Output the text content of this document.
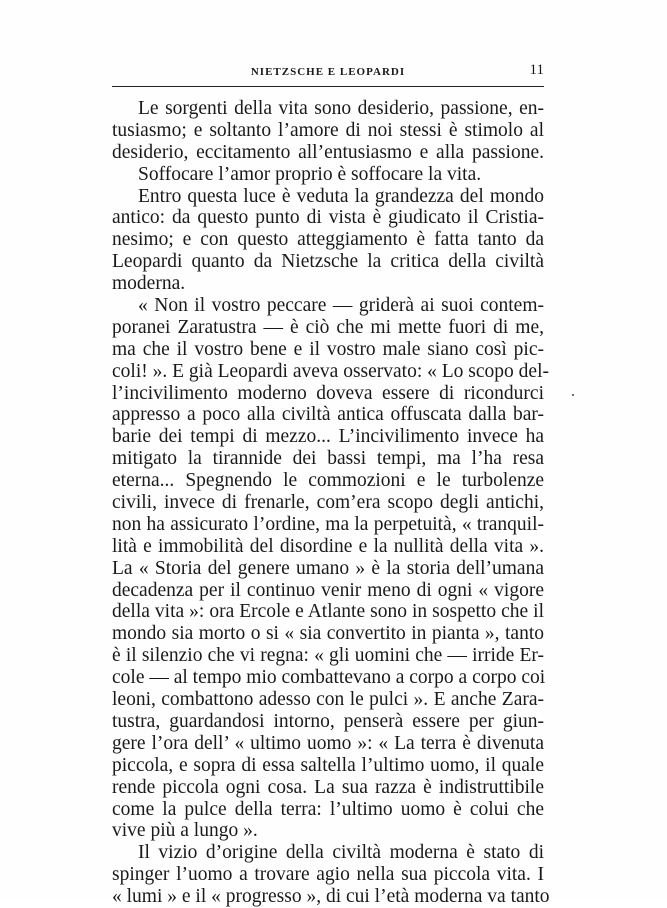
NIETZSCHE E LEOPARDI	11
Le sorgenti della vita sono desiderio, passione, en-
tusiasmo; e soltanto l’amore di noi stessi è stimolo al
desiderio, eccitamento all’entusiasmo e alla passione.
Soffocare l’amor proprio è soffocare la vita.
Entro questa luce è veduta la grandezza del mondo
antico: da questo punto di vista è giudicato il Cristia-
nesimo; e con questo atteggiamento è fatta tanto da
Leopardi quanto da Nietzsche la critica della civiltà
moderna.
« Non il vostro peccare — griderà ai suoi contem-
poranei Zaratustra — è ciò che mi mette fuori di me,
ma che il vostro bene e il vostro male siano così pic-
coli! ». E già Leopardi aveva osservato: « Lo scopo del-
l’incivilimento moderno doveva essere di ricondurci
appresso a poco alla civiltà antica offuscata dalla bar-
barie dei tempi di mezzo... L’incivilimento invece ha
mitigato la tirannide dei bassi tempi, ma l’ha resa
eterna... Spegnendo le commozioni e le turbolenze
civili, invece di frenarle, com’era scopo degli antichi,
non ha assicurato l’ordine, ma la perpetuità, « tranquil-
lità e immobilità del disordine e la nullità della vita ».
La « Storia del genere umano » è la storia dell’umana
decadenza per il continuo venir meno di ogni « vigore
della vita »: ora Ercole e Atlante sono in sospetto che il
mondo sia morto o si « sia convertito in pianta », tanto
è il silenzio che vi regna: « gli uomini che — irride Er-
cole — al tempo mio combattevano a corpo a corpo coi
leoni, combattono adesso con le pulci ». E anche Zara-
tustra, guardandosi intorno, penserà essere per giun-
gere l’ora dell’ « ultimo uomo »: « La terra è divenuta
piccola, e sopra di essa saltella l’ultimo uomo, il quale
rende piccola ogni cosa. La sua razza è indistruttibile
come la pulce della terra: l’ultimo uomo è colui che
vive più a lungo ».
Il vizio d’origine della civiltà moderna è stato di
spinger l’uomo a trovare agio nella sua piccola vita. I
« lumi » e il « progresso », di cui l’età moderna va tanto
